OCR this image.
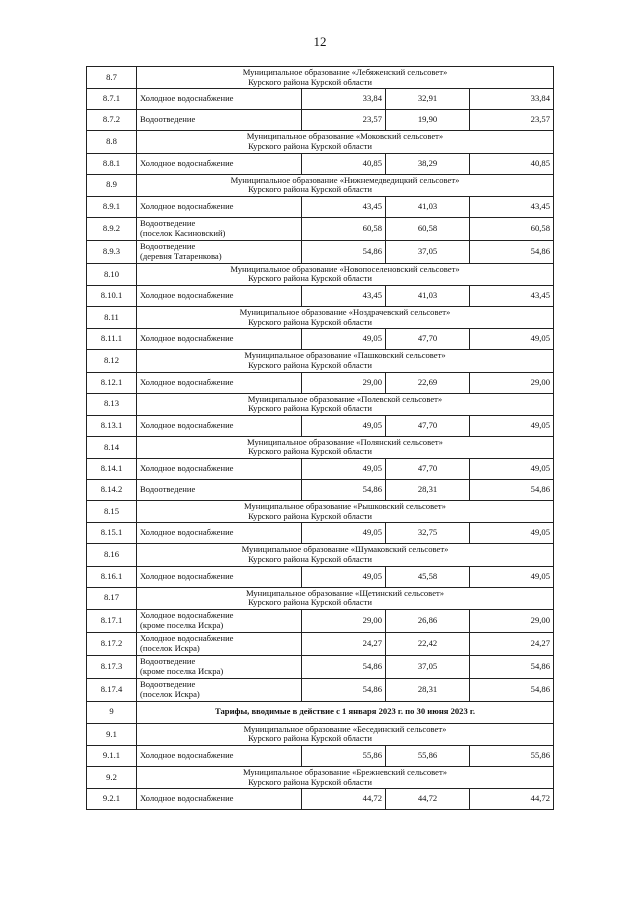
12
8.7	Муниципальное образование «Лебяженский сельсовет»
Курского района Курской области			

8.7.1	Холодное водоснабжение	33,84	32,91	33,84
8.7.2	Водоотведение	23,57	19,90	23,57
8.8	Муниципальное образование «Моковский сельсовет»
Курского района Курской области			

8.8.1	Холодное водоснабжение	40,85	38,29	40,85
8.9	Муниципальное образование «Нижнемедведицкий сельсовет»
Курского района Курской области			

8.9.1	Холодное водоснабжение	43,45	41,03	43,45
8.9.2	Водоотведение
(поселок Касиновский)	60,58	60,58	60,58
8.9.3	Водоотведение
(деревня Татаренкова)	54,86	37,05	54,86
8.10	Муниципальное образование «Новопоселеновский сельсовет»
Курского района Курской области			

8.10.1	Холодное водоснабжение	43,45	41,03	43,45
8.11	Муниципальное образование «Ноздрачевский сельсовет»
Курского района Курской области			

8.11.1	Холодное водоснабжение	49,05	47,70	49,05
8.12	Муниципальное образование «Пашковский сельсовет»
Курского района Курской области			

8.12.1	Холодное водоснабжение	29,00	22,69	29,00
8.13	Муниципальное образование «Полевской сельсовет»
Курского района Курской области			

8.13.1	Холодное водоснабжение	49,05	47,70	49,05
8.14	Муниципальное образование «Полянский сельсовет»
Курского района Курской области			

8.14.1	Холодное водоснабжение	49,05	47,70	49,05
8.14.2	Водоотведение	54,86	28,31	54,86
8.15	Муниципальное образование «Рышковский сельсовет»
Курского района Курской области			

8.15.1	Холодное водоснабжение	49,05	32,75	49,05
8.16	Муниципальное образование «Шумаковский сельсовет»
Курского района Курской области			

8.16.1	Холодное водоснабжение	49,05	45,58	49,05
8.17	Муниципальное образование «Щетинский сельсовет»
Курского района Курской области			

8.17.1	Холодное водоснабжение
(кроме поселка Искра)	29,00	26,86	29,00
8.17.2	Холодное водоснабжение
(поселок Искра)	24,27	22,42	24,27
8.17.3	Водоотведение
(кроме поселка Искра)	54,86	37,05	54,86
8.17.4	Водоотведение
(поселок Искра)	54,86	28,31	54,86
9	Тарифы, вводимые в действие с 1 января 2023 г. по 30 июня 2023 г.			
9.1	Муниципальное образование «Бесединский сельсовет»
Курского района Курской области			

9.1.1	Холодное водоснабжение	55,86	55,86	55,86
9.2	Муниципальное образование «Брежневский сельсовет»
Курского района Курской области			

9.2.1	Холодное водоснабжение	44,72	44,72	44,72
